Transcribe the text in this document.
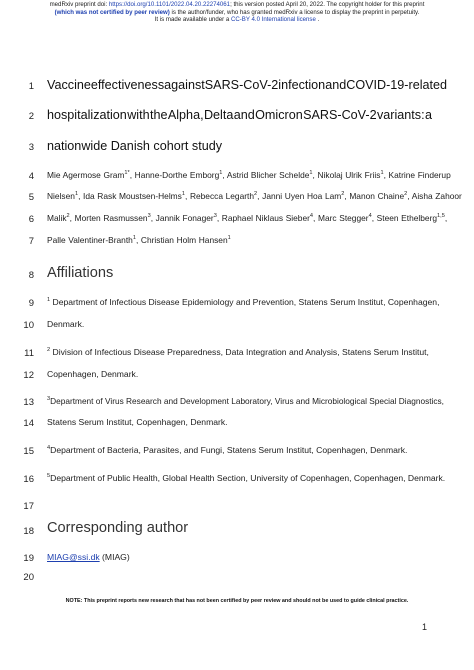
medRxiv preprint doi: https://doi.org/10.1101/2022.04.20.22274061; this version posted April 20, 2022. The copyright holder for this preprint
(which was not certified by peer review) is the author/funder, who has granted medRxiv a license to display the preprint in perpetuity.
It is made available under a CC-BY 4.0 International license .
1
2
3
4
5
6
7
8
9
10
11
12
13
14
15
16
17
18
19
20
Vaccine effectiveness against SARS-CoV-2 infection and COVID-19-related
hospitalization with the Alpha, Delta and Omicron SARS-CoV-2 variants: a
nationwide Danish cohort study
Mie Agermose Gram$^{1*}$, Hanne-Dorthe Emborg$^1$, Astrid Blicher Schelde$^1$, Nikolaj Ulrik Friis$^1$, Katrine Finderup
Nielsen$^1$, Ida Rask Moustsen-Helms$^1$, Rebecca Legarth$^2$, Janni Uyen Hoa Lam$^2$, Manon Chaine$^2$, Aisha Zahoor
Malik$^2$, Morten Rasmussen$^3$, Jannik Fonager$^3$, Raphael Niklaus Sieber$^4$, Marc Stegger$^4$, Steen Ethelberg$^{1,5}$,
Palle Valentiner-Branth$^1$, Christian Holm Hansen$^1$
Affiliations
$^1$ Department of Infectious Disease Epidemiology and Prevention, Statens Serum Institut, Copenhagen,
Denmark.
$^2$ Division of Infectious Disease Preparedness, Data Integration and Analysis, Statens Serum Institut,
Copenhagen, Denmark.
$^3$Department of Virus Research and Development Laboratory, Virus and Microbiological Special Diagnostics,
Statens Serum Institut, Copenhagen, Denmark.
$^4$Department of Bacteria, Parasites, and Fungi, Statens Serum Institut, Copenhagen, Denmark.
$^5$Department of Public Health, Global Health Section, University of Copenhagen, Copenhagen, Denmark.
Corresponding author
MIAG@ssi.dk (MIAG)
NOTE: This preprint reports new research that has not been certified by peer review and should not be used to guide clinical practice.
1
